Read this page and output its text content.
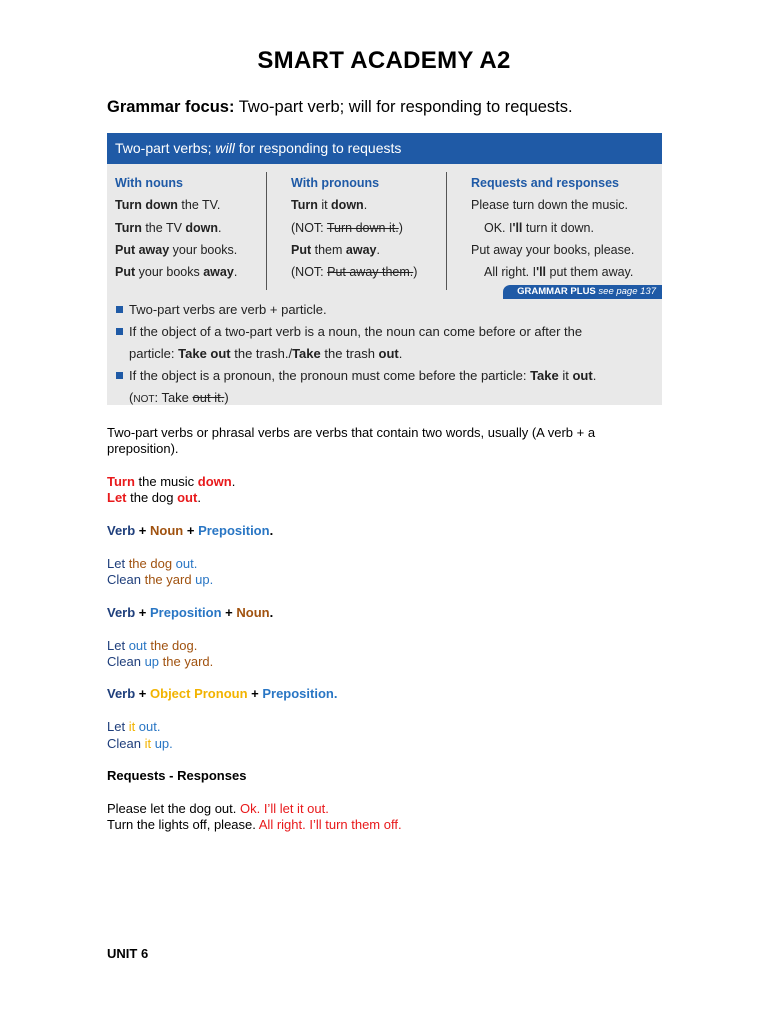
SMART ACADEMY A2
Grammar focus: Two-part verb; will for responding to requests.
Two-part verbs; will for responding to requests
With nouns
Turn down the TV.
Turn the TV down.
Put away your books.
Put your books away.
With pronouns
Turn it down.
(NOT: Turn down it.)
Put them away.
(NOT: Put away them.)
Requests and responses
Please turn down the music.
OK. I'll turn it down.
Put away your books, please.
All right. I'll put them away.
GRAMMAR PLUS see page 137
Two-part verbs are verb + particle.
If the object of a two-part verb is a noun, the noun can come before or after the
particle: Take out the trash./Take the trash out.
If the object is a pronoun, the pronoun must come before the particle: Take it out.
(NOT: Take out it.)
Two-part verbs or phrasal verbs are verbs that contain two words, usually (A verb + a preposition).
Turn the music down.
Let the dog out.
Verb + Noun + Preposition.
Let the dog out.
Clean the yard up.
Verb + Preposition + Noun.
Let out the dog.
Clean up the yard.
Verb + Object Pronoun + Preposition.
Let it out.
Clean it up.
Requests - Responses
Please let the dog out. Ok. I’ll let it out.
Turn the lights off, please. All right. I’ll turn them off.
UNIT 6
